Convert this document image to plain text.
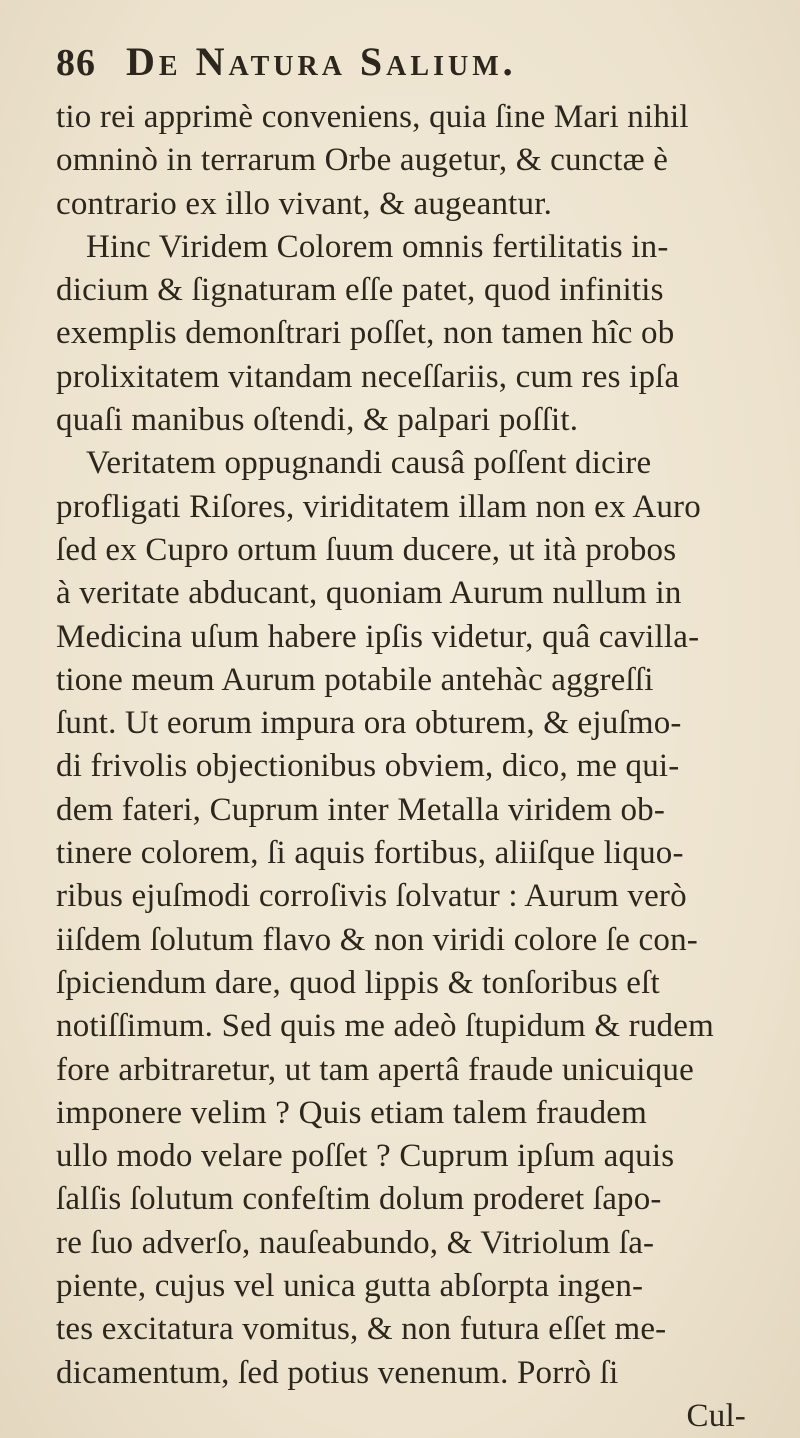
86 De Natura Salium.
tio rei apprimè conveniens, quia ſine Mari nihil
omninò in terrarum Orbe augetur, & cunctæ è
contrario ex illo vivant, & augeantur.
Hinc Viridem Colorem omnis fertilitatis in-
dicium & ſignaturam eſſe patet, quod infinitis
exemplis demonſtrari poſſet, non tamen hîc ob
prolixitatem vitandam neceſſariis, cum res ipſa
quaſi manibus oſtendi, & palpari poſſit.
Veritatem oppugnandi causâ poſſent dicire
profligati Riſores, viriditatem illam non ex Auro
ſed ex Cupro ortum ſuum ducere, ut ità probos
à veritate abducant, quoniam Aurum nullum in
Medicina uſum habere ipſis videtur, quâ cavilla-
tione meum Aurum potabile antehàc aggreſſi
ſunt. Ut eorum impura ora obturem, & ejuſmo-
di frivolis objectionibus obviem, dico, me qui-
dem fateri, Cuprum inter Metalla viridem ob-
tinere colorem, ſi aquis fortibus, aliiſque liquo-
ribus ejuſmodi corroſivis ſolvatur : Aurum verò
iiſdem ſolutum flavo & non viridi colore ſe con-
ſpiciendum dare, quod lippis & tonſoribus eſt
notiſſimum. Sed quis me adeò ſtupidum & rudem
fore arbitraretur, ut tam apertâ fraude unicuique
imponere velim ? Quis etiam talem fraudem
ullo modo velare poſſet ? Cuprum ipſum aquis
ſalſis ſolutum confeſtim dolum proderet ſapo-
re ſuo adverſo, nauſeabundo, & Vitriolum ſa-
piente, cujus vel unica gutta abſorpta ingen-
tes excitatura vomitus, & non futura eſſet me-
dicamentum, ſed potius venenum. Porrò ſi
Cul-
